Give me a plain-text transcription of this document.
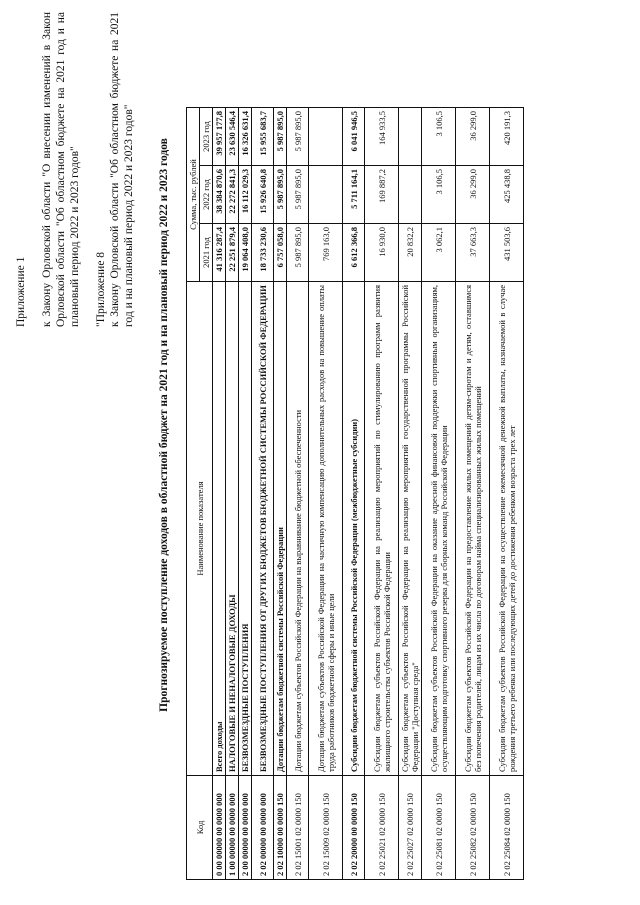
Приложение 1 к Закону Орловской области "О внесении изменений в Закон Орловской области "Об областном бюджете на 2021 год и на плановый период 2022 и 2023 годов" "Приложение 8 к Закону Орловской области "Об областном бюджете на 2021 год и на плановый период 2022 и 2023 годов" Прогнозируемое поступление доходов в областной бюджет на 2021 год и на плановый период 2022 и 2023 годов
Код	Наименование показателя	Сумма, тыс. рублей		
		2021 год	2022 год	2023 год
0 00 00000 00 0000 000	Всего доходы	41 316 287,4	38 384 870,6	39 957 177,8
1 00 00000 00 0000 000	НАЛОГОВЫЕ И НЕНАЛОГОВЫЕ ДОХОДЫ	22 251 879,4	22 272 841,3	23 630 546,4
2 00 00000 00 0000 000	БЕЗВОЗМЕЗДНЫЕ ПОСТУПЛЕНИЯ	19 064 408,0	16 112 029,3	16 326 631,4
2 02 00000 00 0000 000	БЕЗВОЗМЕЗДНЫЕ ПОСТУПЛЕНИЯ ОТ ДРУГИХ БЮДЖЕТОВ БЮДЖЕТНОЙ СИСТЕМЫ РОССИЙСКОЙ ФЕДЕРАЦИИ	18 733 230,6	15 926 640,8	15 955 683,7
2 02 10000 00 0000 150	Дотации бюджетам бюджетной системы Российской Федерации	6 757 058,0	5 987 895,0	5 987 895,0
2 02 15001 02 0000 150	Дотации бюджетам субъектов Российской Федерации на выравнивание бюджетной обеспеченности	5 987 895,0	5 987 895,0	5 987 895,0
2 02 15009 02 0000 150	Дотации бюджетам субъектов Российской Федерации на частичную компенсацию дополнительных расходов на повышение оплаты труда работников бюджетной сферы и иные цели	769 163,0		
2 02 20000 00 0000 150	Субсидии бюджетам бюджетной системы Российской Федерации (межбюджетные субсидии)	6 612 366,8	5 711 164,1	6 041 946,5
2 02 25021 02 0000 150	Субсидии бюджетам субъектов Российской Федерации на реализацию мероприятий по стимулированию программ развития жилищного строительства субъектов Российской Федерации	16 930,0	169 887,2	164 933,5
2 02 25027 02 0000 150	Субсидии бюджетам субъектов Российской Федерации на реализацию мероприятий государственной программы Российской Федерации "Доступная среда"	20 832,2		
2 02 25081 02 0000 150	Субсидии бюджетам субъектов Российской Федерации на оказание адресной финансовой поддержки спортивным организациям, осуществляющим подготовку спортивного резерва для сборных команд Российской Федерации	3 062,1	3 106,5	3 106,5
2 02 25082 02 0000 150	Субсидии бюджетам субъектов Российской Федерации на предоставление жилых помещений детям-сиротам и детям, оставшимся без попечения родителей, лицам из их числа по договорам найма специализированных жилых помещений	37 663,3	36 299,0	36 299,0
2 02 25084 02 0000 150	Субсидии бюджетам субъектов Российской Федерации на осуществление ежемесячной денежной выплаты, назначаемой в случае рождения третьего ребенка или последующих детей до достижения ребенком возраста трех лет	431 503,6	425 438,8	420 191,3
